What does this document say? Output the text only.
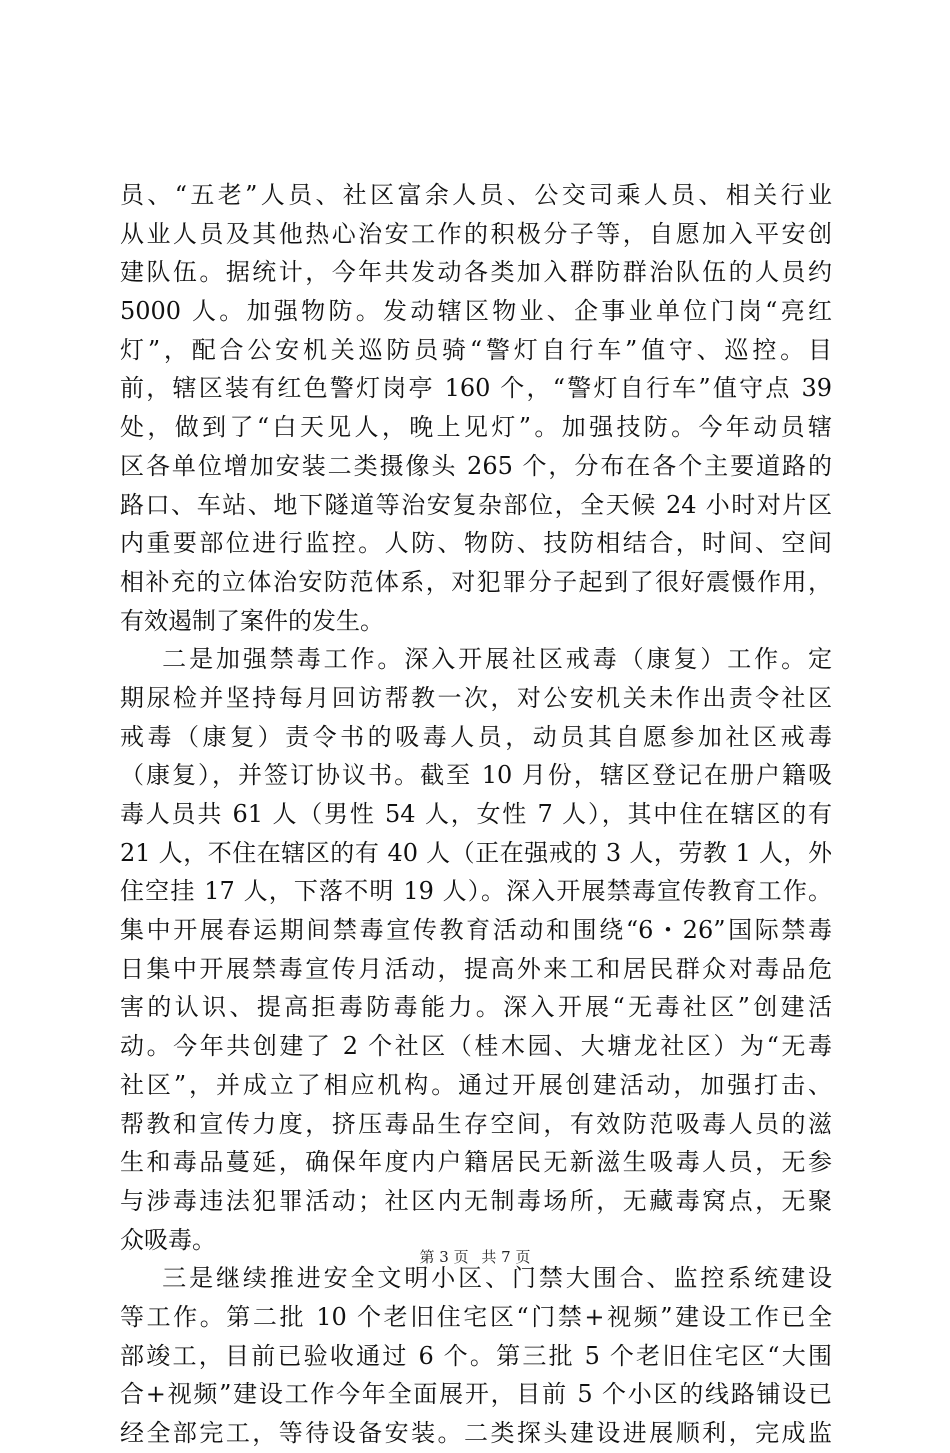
员、“五老”人员、社区富余人员、公交司乘人员、相关行业
从业人员及其他热心治安工作的积极分子等，自愿加入平安创
建队伍。据统计，今年共发动各类加入群防群治队伍的人员约
5000 人。加强物防。发动辖区物业、企事业单位门岗“亮红
灯”，配合公安机关巡防员骑“警灯自行车”值守、巡控。目
前，辖区装有红色警灯岗亭 160 个，“警灯自行车”值守点 39
处，做到了“白天见人，晚上见灯”。加强技防。今年动员辖
区各单位增加安装二类摄像头 265 个，分布在各个主要道路的
路口、车站、地下隧道等治安复杂部位，全天候 24 小时对片区
内重要部位进行监控。人防、物防、技防相结合，时间、空间
相补充的立体治安防范体系，对犯罪分子起到了很好震慑作用，
有效遏制了案件的发生。
二是加强禁毒工作。深入开展社区戒毒（康复）工作。定
期尿检并坚持每月回访帮教一次，对公安机关未作出责令社区
戒毒（康复）责令书的吸毒人员，动员其自愿参加社区戒毒
（康复），并签订协议书。截至 10 月份，辖区登记在册户籍吸
毒人员共 61 人（男性 54 人，女性 7 人），其中住在辖区的有
21 人，不住在辖区的有 40 人（正在强戒的 3 人，劳教 1 人，外
住空挂 17 人，下落不明 19 人）。深入开展禁毒宣传教育工作。
集中开展春运期间禁毒宣传教育活动和围绕“6・26”国际禁毒
日集中开展禁毒宣传月活动，提高外来工和居民群众对毒品危
害的认识、提高拒毒防毒能力。深入开展“无毒社区”创建活
动。今年共创建了 2 个社区（桂木园、大塘龙社区）为“无毒
社区”，并成立了相应机构。通过开展创建活动，加强打击、
帮教和宣传力度，挤压毒品生存空间，有效防范吸毒人员的滋
生和毒品蔓延，确保年度内户籍居民无新滋生吸毒人员，无参
与涉毒违法犯罪活动；社区内无制毒场所，无藏毒窝点，无聚
众吸毒。
三是继续推进安全文明小区、门禁大围合、监控系统建设
等工作。第二批 10 个老旧住宅区“门禁+视频”建设工作已全
部竣工，目前已验收通过 6 个。第三批 5 个老旧住宅区“大围
合+视频”建设工作今年全面展开，目前 5 个小区的线路铺设已
经全部完工，等待设备安装。二类探头建设进展顺利，完成监
第 3 页 共 7 页
